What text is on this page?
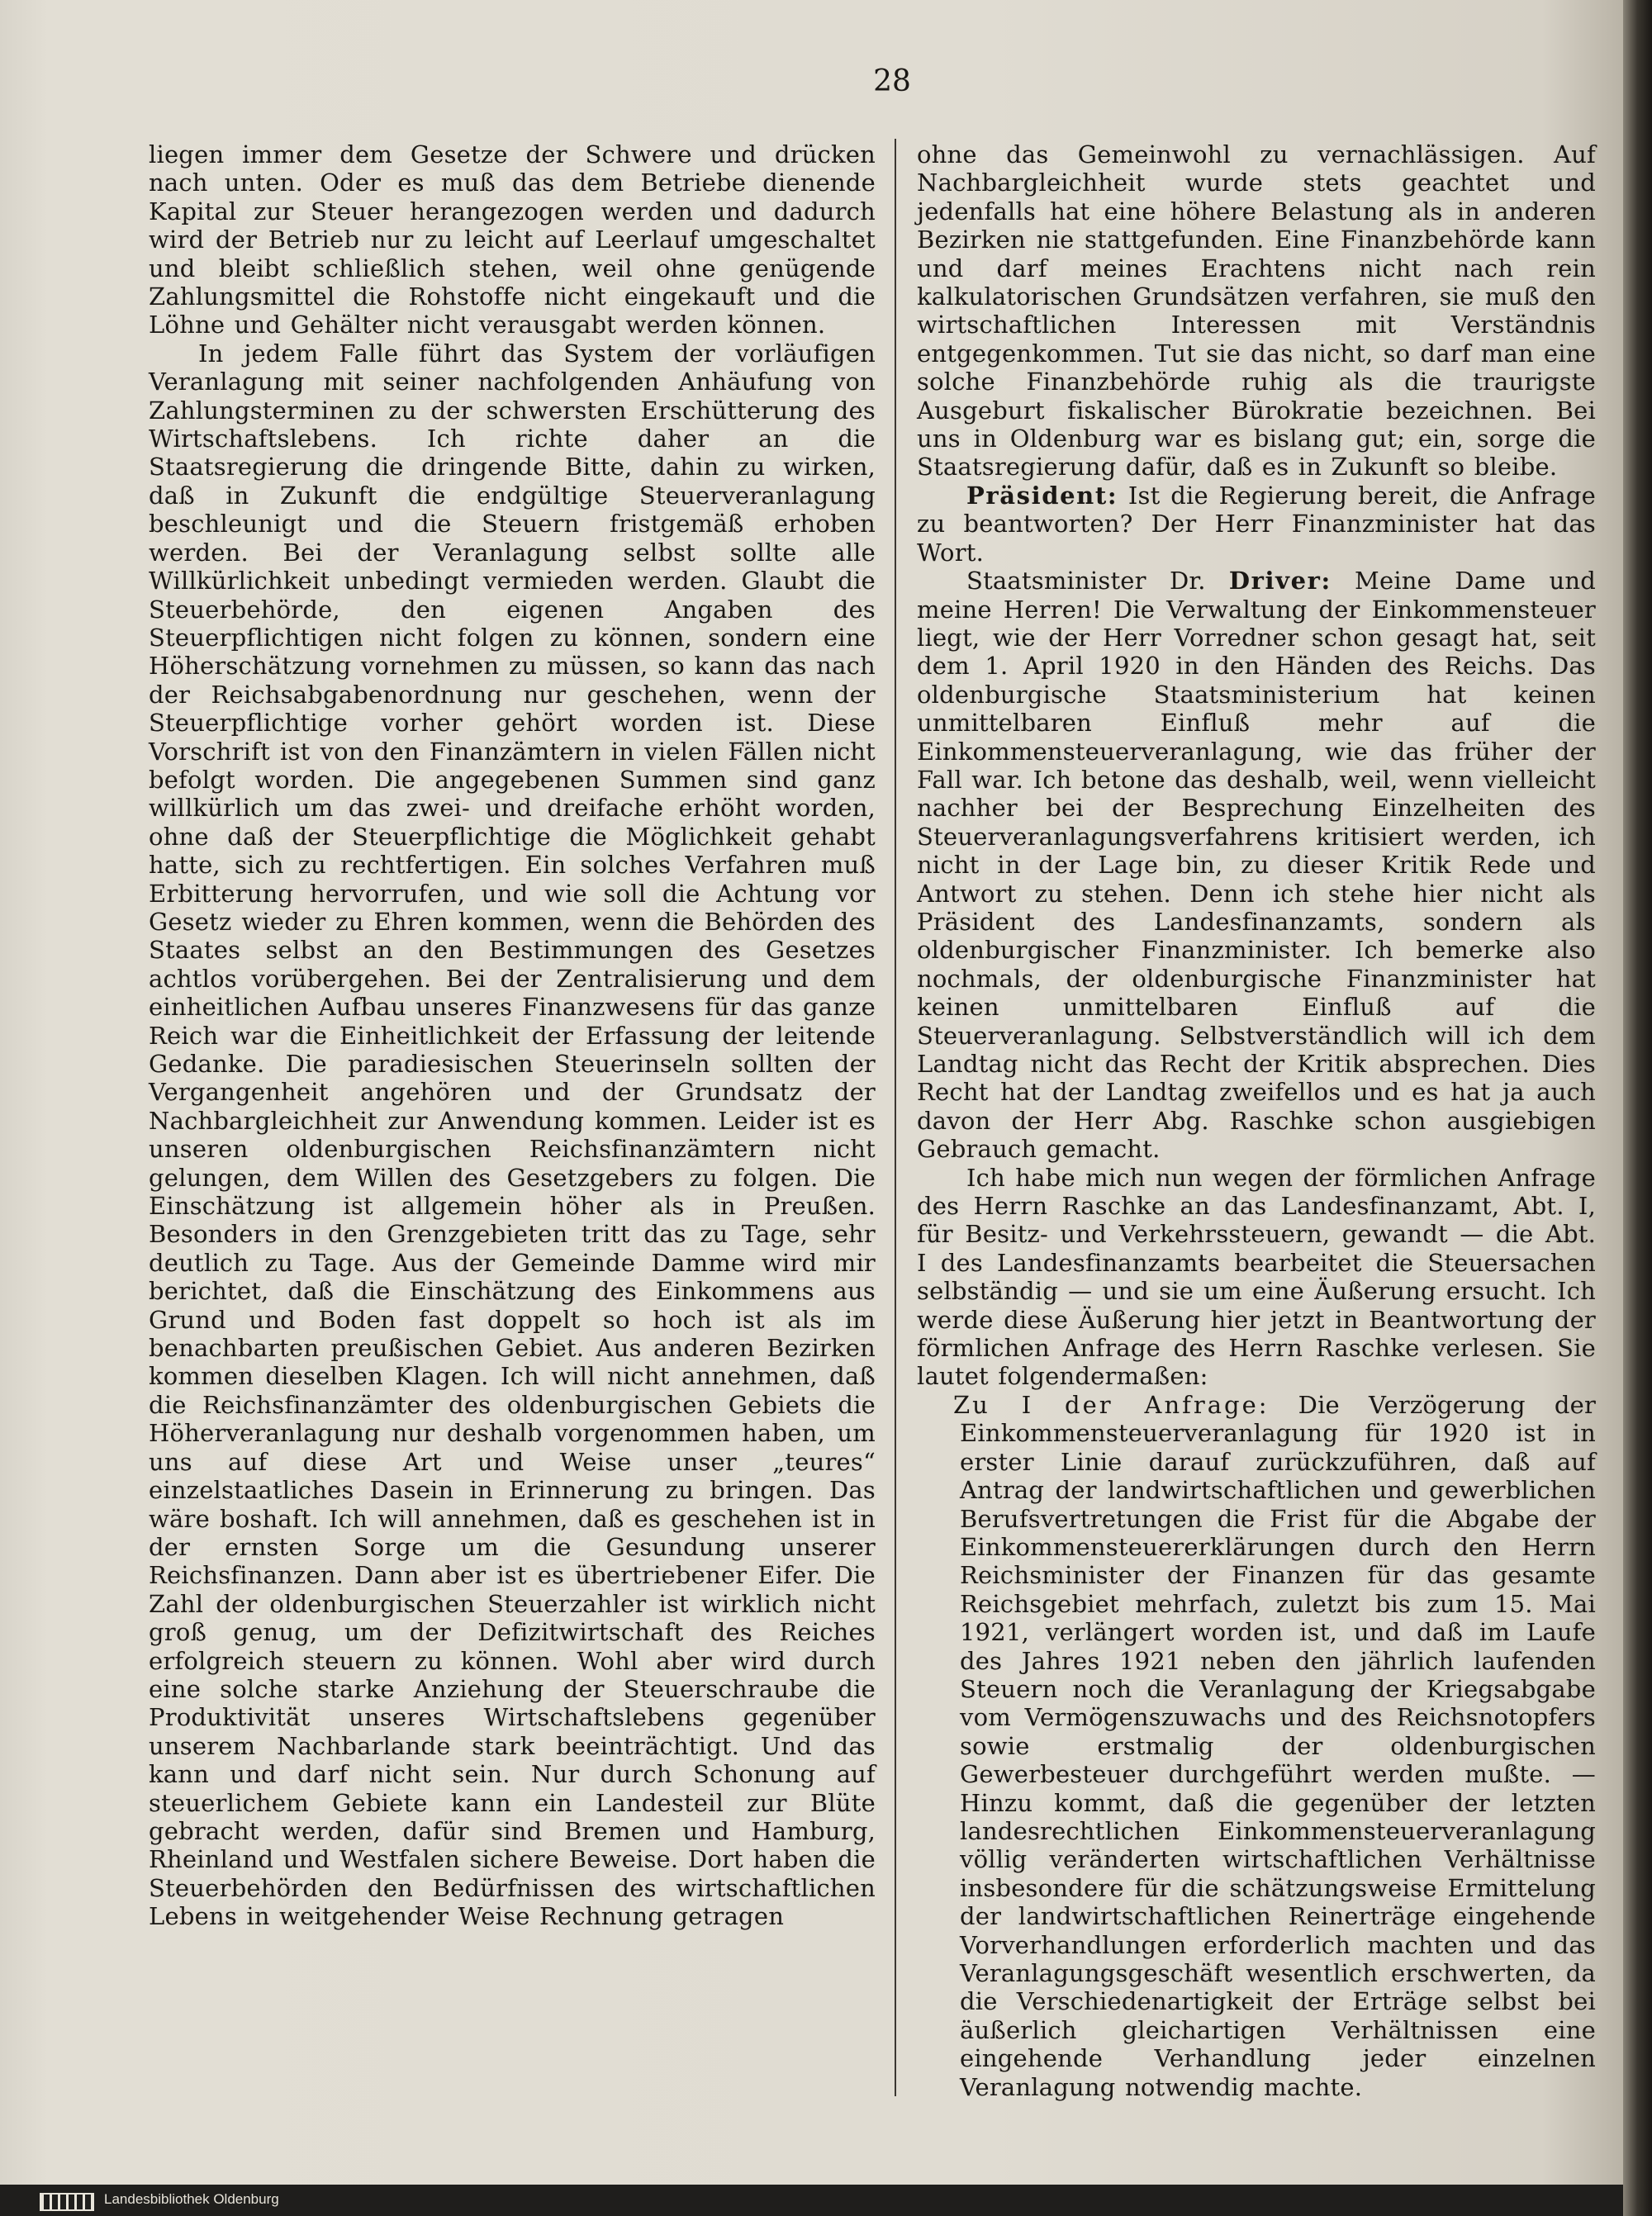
28

liegen immer dem Gesetze der Schwere und drücken nach unten. Oder es muß das dem Betriebe dienende Kapital zur Steuer herangezogen werden und dadurch wird der Betrieb nur zu leicht auf Leerlauf umgeschaltet und bleibt schließlich stehen, weil ohne genügende Zahlungsmittel die Rohstoffe nicht eingekauft und die Löhne und Gehälter nicht verausgabt werden können.

In jedem Falle führt das System der vorläufigen Veranlagung mit seiner nachfolgenden Anhäufung von Zahlungsterminen zu der schwersten Erschütterung des Wirtschaftslebens. Ich richte daher an die Staatsregierung die dringende Bitte, dahin zu wirken, daß in Zukunft die endgültige Steuerveranlagung beschleunigt und die Steuern fristgemäß erhoben werden. Bei der Veranlagung selbst sollte alle Willkürlichkeit unbedingt vermieden werden. Glaubt die Steuerbehörde, den eigenen Angaben des Steuerpflichtigen nicht folgen zu können, sondern eine Höherschätzung vornehmen zu müssen, so kann das nach der Reichsabgabenordnung nur geschehen, wenn der Steuerpflichtige vorher gehört worden ist. Diese Vorschrift ist von den Finanzämtern in vielen Fällen nicht befolgt worden. Die angegebenen Summen sind ganz willkürlich um das zwei- und dreifache erhöht worden, ohne daß der Steuerpflichtige die Möglichkeit gehabt hatte, sich zu rechtfertigen. Ein solches Verfahren muß Erbitterung hervorrufen, und wie soll die Achtung vor Gesetz wieder zu Ehren kommen, wenn die Behörden des Staates selbst an den Bestimmungen des Gesetzes achtlos vorübergehen. Bei der Zentralisierung und dem einheitlichen Aufbau unseres Finanzwesens für das ganze Reich war die Einheitlichkeit der Erfassung der leitende Gedanke. Die paradiesischen Steuerinseln sollten der Vergangenheit angehören und der Grundsatz der Nachbargleichheit zur Anwendung kommen. Leider ist es unseren oldenburgischen Reichsfinanzämtern nicht gelungen, dem Willen des Gesetzgebers zu folgen. Die Einschätzung ist allgemein höher als in Preußen. Besonders in den Grenzgebieten tritt das zu Tage, sehr deutlich zu Tage. Aus der Gemeinde Damme wird mir berichtet, daß die Einschätzung des Einkommens aus Grund und Boden fast doppelt so hoch ist als im benachbarten preußischen Gebiet. Aus anderen Bezirken kommen dieselben Klagen. Ich will nicht annehmen, daß die Reichsfinanzämter des oldenburgischen Gebiets die Höherveranlagung nur deshalb vorgenommen haben, um uns auf diese Art und Weise unser „teures“ einzelstaatliches Dasein in Erinnerung zu bringen. Das wäre boshaft. Ich will annehmen, daß es geschehen ist in der ernsten Sorge um die Gesundung unserer Reichsfinanzen. Dann aber ist es übertriebener Eifer. Die Zahl der oldenburgischen Steuerzahler ist wirklich nicht groß genug, um der Defizitwirtschaft des Reiches erfolgreich steuern zu können. Wohl aber wird durch eine solche starke Anziehung der Steuerschraube die Produktivität unseres Wirtschaftslebens gegenüber unserem Nachbarlande stark beeinträchtigt. Und das kann und darf nicht sein. Nur durch Schonung auf steuerlichem Gebiete kann ein Landesteil zur Blüte gebracht werden, dafür sind Bremen und Hamburg, Rheinland und Westfalen sichere Beweise. Dort haben die Steuerbehörden den Bedürfnissen des wirtschaftlichen Lebens in weitgehender Weise Rechnung getragen

ohne das Gemeinwohl zu vernachlässigen. Auf Nachbargleichheit wurde stets geachtet und jedenfalls hat eine höhere Belastung als in anderen Bezirken nie stattgefunden. Eine Finanzbehörde kann und darf meines Erachtens nicht nach rein kalkulatorischen Grundsätzen verfahren, sie muß den wirtschaftlichen Interessen mit Verständnis entgegenkommen. Tut sie das nicht, so darf man eine solche Finanzbehörde ruhig als die traurigste Ausgeburt fiskalischer Bürokratie bezeichnen. Bei uns in Oldenburg war es bislang gut; ein, sorge die Staatsregierung dafür, daß es in Zukunft so bleibe.

Präsident: Ist die Regierung bereit, die Anfrage zu beantworten? Der Herr Finanzminister hat das Wort.

Staatsminister Dr. Driver: Meine Dame und meine Herren! Die Verwaltung der Einkommensteuer liegt, wie der Herr Vorredner schon gesagt hat, seit dem 1. April 1920 in den Händen des Reichs. Das oldenburgische Staatsministerium hat keinen unmittelbaren Einfluß mehr auf die Einkommensteuerveranlagung, wie das früher der Fall war. Ich betone das deshalb, weil, wenn vielleicht nachher bei der Besprechung Einzelheiten des Steuerveranlagungsverfahrens kritisiert werden, ich nicht in der Lage bin, zu dieser Kritik Rede und Antwort zu stehen. Denn ich stehe hier nicht als Präsident des Landesfinanzamts, sondern als oldenburgischer Finanzminister. Ich bemerke also nochmals, der oldenburgische Finanzminister hat keinen unmittelbaren Einfluß auf die Steuerveranlagung. Selbstverständlich will ich dem Landtag nicht das Recht der Kritik absprechen. Dies Recht hat der Landtag zweifellos und es hat ja auch davon der Herr Abg. Raschke schon ausgiebigen Gebrauch gemacht.

Ich habe mich nun wegen der förmlichen Anfrage des Herrn Raschke an das Landesfinanzamt, Abt. I, für Besitz- und Verkehrssteuern, gewandt — die Abt. I des Landesfinanzamts bearbeitet die Steuersachen selbständig — und sie um eine Äußerung ersucht. Ich werde diese Äußerung hier jetzt in Beantwortung der förmlichen Anfrage des Herrn Raschke verlesen. Sie lautet folgendermaßen:

Zu I der Anfrage: Die Verzögerung der Einkommensteuerveranlagung für 1920 ist in erster Linie darauf zurückzuführen, daß auf Antrag der landwirtschaftlichen und gewerblichen Berufsvertretungen die Frist für die Abgabe der Einkommensteuererklärungen durch den Herrn Reichsminister der Finanzen für das gesamte Reichsgebiet mehrfach, zuletzt bis zum 15. Mai 1921, verlängert worden ist, und daß im Laufe des Jahres 1921 neben den jährlich laufenden Steuern noch die Veranlagung der Kriegsabgabe vom Vermögenszuwachs und des Reichsnotopfers sowie erstmalig der oldenburgischen Gewerbesteuer durchgeführt werden mußte. — Hinzu kommt, daß die gegenüber der letzten landesrechtlichen Einkommensteuerveranlagung völlig veränderten wirtschaftlichen Verhältnisse insbesondere für die schätzungsweise Ermittelung der landwirtschaftlichen Reinerträge eingehende Vorverhandlungen erforderlich machten und das Veranlagungsgeschäft wesentlich erschwerten, da die Verschiedenartigkeit der Erträge selbst bei äußerlich gleichartigen Verhältnissen eine eingehende Verhandlung jeder einzelnen Veranlagung notwendig machte.

Landesbibliothek Oldenburg
